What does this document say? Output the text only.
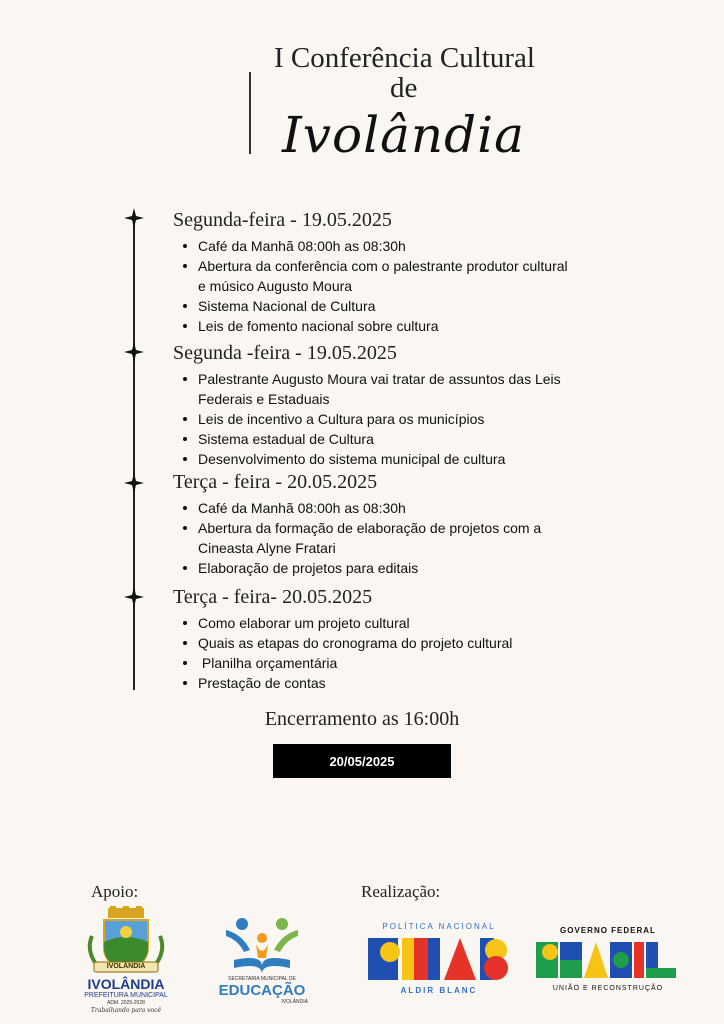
I Conferência Cultural
de
Ivolândia
Segunda-feira - 19.05.2025
Café da Manhã 08:00h as 08:30h
Abertura da conferência com o palestrante produtor cultural e músico Augusto Moura
Sistema Nacional de Cultura
Leis de fomento nacional sobre cultura
Segunda -feira - 19.05.2025
Palestrante Augusto Moura vai tratar de assuntos das Leis Federais e Estaduais
Leis de incentivo a Cultura para os municípios
Sistema estadual de Cultura
Desenvolvimento do sistema municipal de cultura
Terça - feira - 20.05.2025
Café da Manhã 08:00h as 08:30h
Abertura da formação de elaboração de projetos com a Cineasta Alyne Fratari
Elaboração de projetos para editais
Terça - feira- 20.05.2025
Como elaborar um projeto cultural
Quais as etapas do cronograma do projeto cultural
Planilha orçamentária
Prestação de contas
Encerramento as 16:00h
20/05/2025
Apoio:	Realização:
IVOLÂNDIA
IVOLÂNDIA
PREFEITURA MUNICIPAL
ADM. 2025-2028
Trabalhando para você
SECRETARIA MUNICIPAL DE
EDUCAÇÃO
IVOLÂNDIA
POLÍTICA NACIONAL
ALDIR BLANC
GOVERNO FEDERAL
UNIÃO E RECONSTRUÇÃO
